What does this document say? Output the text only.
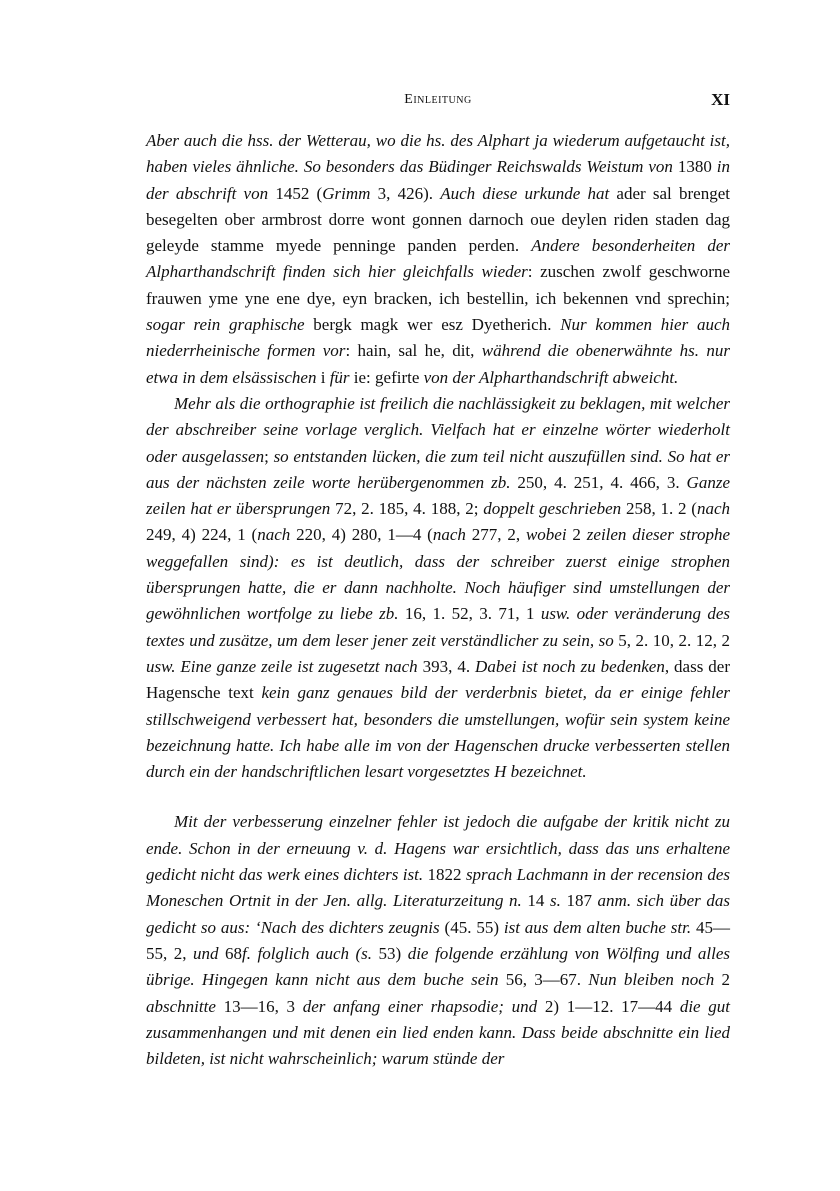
Einleitung	XI

Aber auch die hss. der Wetterau, wo die hs. des Alphart ja wiederum aufgetaucht ist, haben vieles ähnliche. So besonders das Büdinger Reichswalds Weistum von 1380 in der abschrift von 1452 (Grimm 3, 426). Auch diese urkunde hat ader sal brenget besegelten ober armbrost dorre wont gonnen darnoch oue deylen riden staden dag geleyde stamme myede penninge panden perden. Andere besonderheiten der Alpharthandschrift finden sich hier gleichfalls wieder: zuschen zwolf geschworne frauwen yme yne ene dye, eyn bracken, ich bestellin, ich bekennen vnd sprechin; sogar rein graphische bergk magk wer esz Dyetherich. Nur kommen hier auch niederrheinische formen vor: hain, sal he, dit, während die obenerwähnte hs. nur etwa in dem elsässischen i für ie: gefirte von der Alpharthandschrift abweicht.

Mehr als die orthographie ist freilich die nachlässigkeit zu beklagen, mit welcher der abschreiber seine vorlage verglich. Vielfach hat er einzelne wörter wiederholt oder ausgelassen; so entstanden lücken, die zum teil nicht auszufüllen sind. So hat er aus der nächsten zeile worte herübergenommen zb. 250, 4. 251, 4. 466, 3. Ganze zeilen hat er übersprungen 72, 2. 185, 4. 188, 2; doppelt geschrieben 258, 1. 2 (nach 249, 4) 224, 1 (nach 220, 4) 280, 1—4 (nach 277, 2, wobei 2 zeilen dieser strophe weggefallen sind): es ist deutlich, dass der schreiber zuerst einige strophen übersprungen hatte, die er dann nachholte. Noch häufiger sind umstellungen der gewöhnlichen wortfolge zu liebe zb. 16, 1. 52, 3. 71, 1 usw. oder veränderung des textes und zusätze, um dem leser jener zeit verständlicher zu sein, so 5, 2. 10, 2. 12, 2 usw. Eine ganze zeile ist zugesetzt nach 393, 4. Dabei ist noch zu bedenken, dass der Hagensche text kein ganz genaues bild der verderbnis bietet, da er einige fehler stillschweigend verbessert hat, besonders die umstellungen, wofür sein system keine bezeichnung hatte. Ich habe alle im von der Hagenschen drucke verbesserten stellen durch ein der handschriftlichen lesart vorgesetztes H bezeichnet.

Mit der verbesserung einzelner fehler ist jedoch die aufgabe der kritik nicht zu ende. Schon in der erneuung v. d. Hagens war ersichtlich, dass das uns erhaltene gedicht nicht das werk eines dichters ist. 1822 sprach Lachmann in der recension des Moneschen Ortnit in der Jen. allg. Literaturzeitung n. 14 s. 187 anm. sich über das gedicht so aus: ‘Nach des dichters zeugnis (45. 55) ist aus dem alten buche str. 45—55, 2, und 68f. folglich auch (s. 53) die folgende erzählung von Wölfing und alles übrige. Hingegen kann nicht aus dem buche sein 56, 3—67. Nun bleiben noch 2 abschnitte 13—16, 3 der anfang einer rhapsodie; und 2) 1—12. 17—44 die gut zusammenhangen und mit denen ein lied enden kann. Dass beide abschnitte ein lied bildeten, ist nicht wahrscheinlich; warum stünde der
